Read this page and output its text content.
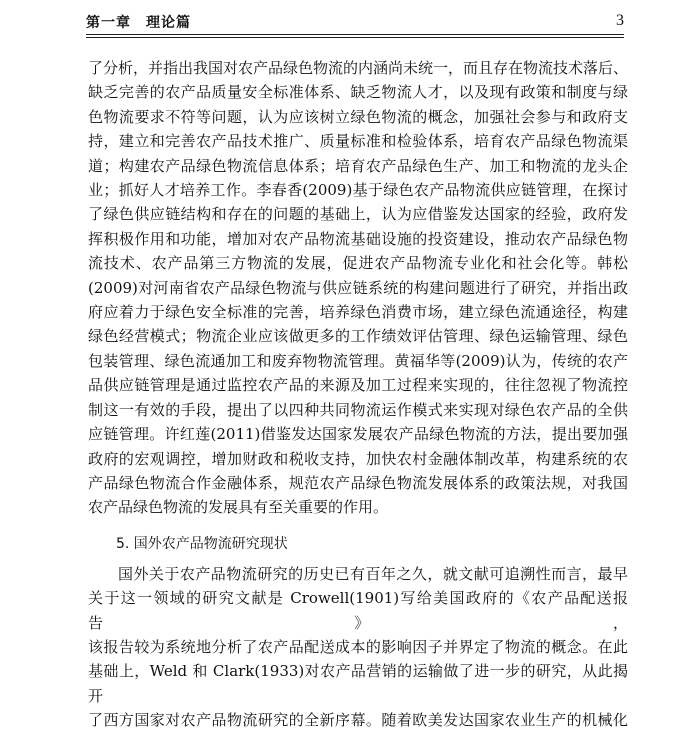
第一章　理论篇	3
了分析，并指出我国对农产品绿色物流的内涵尚未统一，而且存在物流技术落后、
缺乏完善的农产品质量安全标准体系、缺乏物流人才，以及现有政策和制度与绿
色物流要求不符等问题，认为应该树立绿色物流的概念，加强社会参与和政府支
持，建立和完善农产品技术推广、质量标准和检验体系，培育农产品绿色物流渠
道；构建农产品绿色物流信息体系；培育农产品绿色生产、加工和物流的龙头企
业；抓好人才培养工作。李春香(2009)基于绿色农产品物流供应链管理，在探讨
了绿色供应链结构和存在的问题的基础上，认为应借鉴发达国家的经验，政府发
挥积极作用和功能，增加对农产品物流基础设施的投资建设，推动农产品绿色物
流技术、农产品第三方物流的发展，促进农产品物流专业化和社会化等。韩松
(2009)对河南省农产品绿色物流与供应链系统的构建问题进行了研究，并指出政
府应着力于绿色安全标准的完善，培养绿色消费市场，建立绿色流通途径，构建
绿色经营模式；物流企业应该做更多的工作绩效评估管理、绿色运输管理、绿色
包装管理、绿色流通加工和废弃物物流管理。黄福华等(2009)认为，传统的农产
品供应链管理是通过监控农产品的来源及加工过程来实现的，往往忽视了物流控
制这一有效的手段，提出了以四种共同物流运作模式来实现对绿色农产品的全供
应链管理。许红莲(2011)借鉴发达国家发展农产品绿色物流的方法，提出要加强
政府的宏观调控，增加财政和税收支持，加快农村金融体制改革，构建系统的农
产品绿色物流合作金融体系，规范农产品绿色物流发展体系的政策法规，对我国
农产品绿色物流的发展具有至关重要的作用。
5. 国外农产品物流研究现状
国外关于农产品物流研究的历史已有百年之久，就文献可追溯性而言，最早
关于这一领域的研究文献是 Crowell(1901)写给美国政府的《农产品配送报告》，
该报告较为系统地分析了农产品配送成本的影响因子并界定了物流的概念。在此
基础上，Weld 和 Clark(1933)对农产品营销的运输做了进一步的研究，从此揭开
了西方国家对农产品物流研究的全新序幕。随着欧美发达国家农业生产的机械化
